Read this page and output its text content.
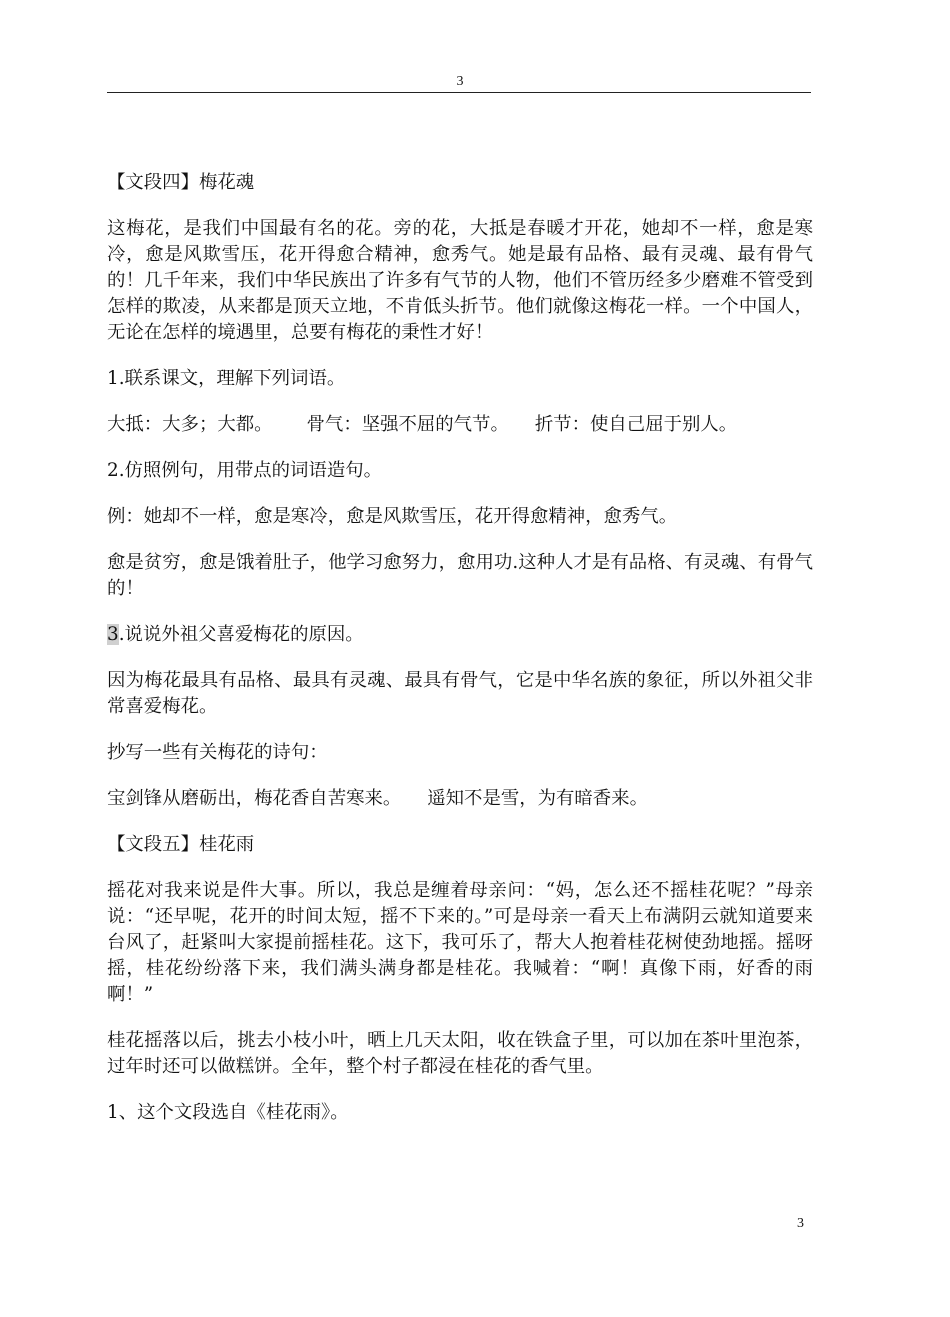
3

【文段四】梅花魂

这梅花，是我们中国最有名的花。旁的花，大抵是春暖才开花，她却不一样，愈是寒冷，愈是风欺雪压，花开得愈合精神，愈秀气。她是最有品格、最有灵魂、最有骨气的！几千年来，我们中华民族出了许多有气节的人物，他们不管历经多少磨难不管受到怎样的欺凌，从来都是顶天立地，不肯低头折节。他们就像这梅花一样。一个中国人，无论在怎样的境遇里，总要有梅花的秉性才好！

1.联系课文，理解下列词语。

大抵：大多；大都。 骨气：坚强不屈的气节。 折节：使自己屈于别人。

2.仿照例句，用带点的词语造句。

例：她却不一样，愈是寒冷，愈是风欺雪压，花开得愈精神，愈秀气。

愈是贫穷，愈是饿着肚子，他学习愈努力，愈用功.这种人才是有品格、有灵魂、有骨气的！

3.说说外祖父喜爱梅花的原因。

因为梅花最具有品格、最具有灵魂、最具有骨气，它是中华名族的象征，所以外祖父非常喜爱梅花。

抄写一些有关梅花的诗句：

宝剑锋从磨砺出，梅花香自苦寒来。 遥知不是雪，为有暗香来。

【文段五】桂花雨

摇花对我来说是件大事。所以，我总是缠着母亲问：“妈，怎么还不摇桂花呢？”母亲说：“还早呢，花开的时间太短，摇不下来的。”可是母亲一看天上布满阴云就知道要来台风了，赶紧叫大家提前摇桂花。这下，我可乐了，帮大人抱着桂花树使劲地摇。摇呀摇，桂花纷纷落下来，我们满头满身都是桂花。我喊着：“啊！真像下雨，好香的雨啊！”

桂花摇落以后，挑去小枝小叶，晒上几天太阳，收在铁盒子里，可以加在茶叶里泡茶，过年时还可以做糕饼。全年，整个村子都浸在桂花的香气里。

1、这个文段选自《桂花雨》。

3
